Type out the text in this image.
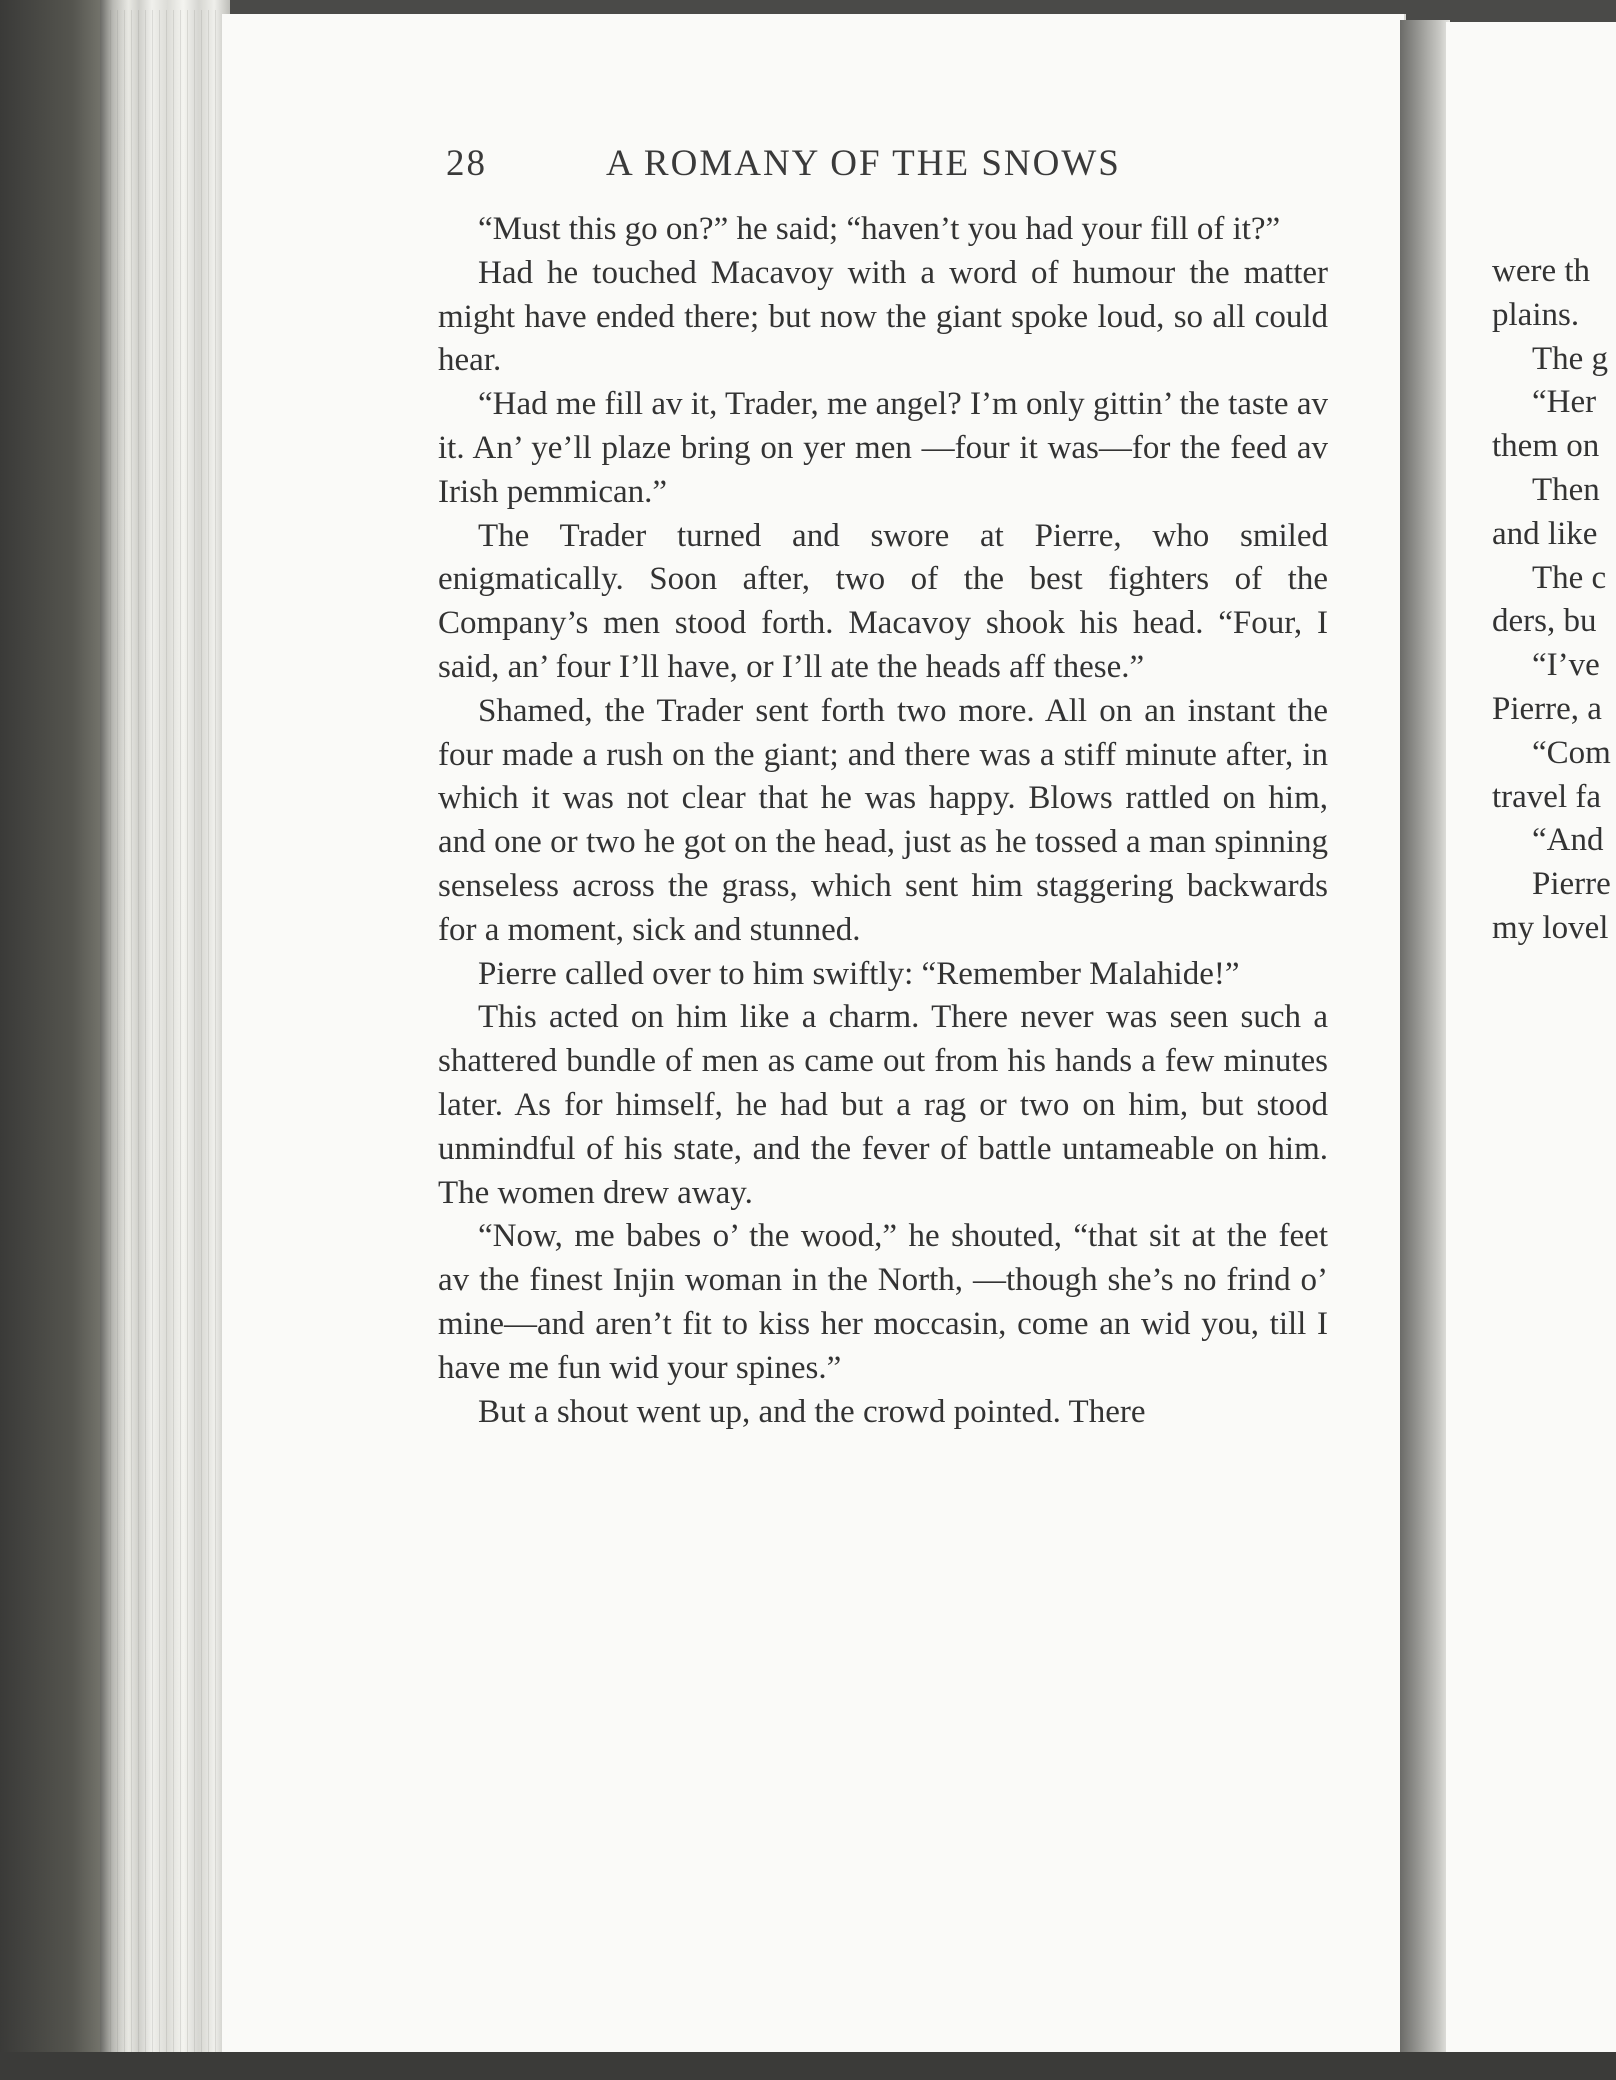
28	A ROMANY OF THE SNOWS

“Must this go on?” he said; “haven’t you had your fill of it?”

Had he touched Macavoy with a word of humour the matter might have ended there; but now the giant spoke loud, so all could hear.

“Had me fill av it, Trader, me angel? I’m only gittin’ the taste av it. An’ ye’ll plaze bring on yer men —four it was—for the feed av Irish pemmican.”

The Trader turned and swore at Pierre, who smiled enigmatically. Soon after, two of the best fighters of the Company’s men stood forth. Macavoy shook his head. “Four, I said, an’ four I’ll have, or I’ll ate the heads aff these.”

Shamed, the Trader sent forth two more. All on an instant the four made a rush on the giant; and there was a stiff minute after, in which it was not clear that he was happy. Blows rattled on him, and one or two he got on the head, just as he tossed a man spinning senseless across the grass, which sent him staggering backwards for a moment, sick and stunned.

Pierre called over to him swiftly: “Remember Malahide!”

This acted on him like a charm. There never was seen such a shattered bundle of men as came out from his hands a few minutes later. As for himself, he had but a rag or two on him, but stood unmindful of his state, and the fever of battle untameable on him. The women drew away.

“Now, me babes o’ the wood,” he shouted, “that sit at the feet av the finest Injin woman in the North, —though she’s no frind o’ mine—and aren’t fit to kiss her moccasin, come an wid you, till I have me fun wid your spines.”

But a shout went up, and the crowd pointed. There

were th
plains.
The g
“Her
them on
Then
and like
The c
ders, bu
“I’ve
Pierre, a
“Com
travel fa
“And
Pierre
my lovel
